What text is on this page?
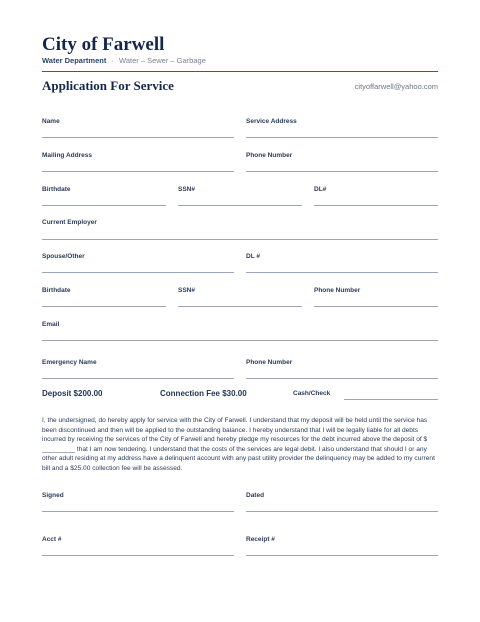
City of Farwell
Water Department · Water – Sewer – Garbage
Application For Service	cityoffarwell@yahoo.com
Name	Service Address
Mailing Address	Phone Number
Birthdate	SSN#	DL#
Current Employer
Spouse/Other	DL #
Birthdate	SSN#	Phone Number
Email
Emergency Name	Phone Number
Deposit $200.00	Connection Fee $30.00	Cash/Check
I, the undersigned, do hereby apply for service with the City of Farwell. I understand that my deposit will be held until the service has been discontinued and then will be applied to the outstanding balance. I hereby understand that I will be legally liable for all debts incurred by receiving the services of the City of Farwell and hereby pledge my resources for the debt incurred above the deposit of $ _________ that I am now tendering. I understand that the costs of the services are legal debit. I also understand that should I or any other adult residing at my address have a delinquent account with any past utility provider the delinquency may be added to my current bill and a $25.00 collection fee will be assessed.
Signed	Dated
Acct #	Receipt #
